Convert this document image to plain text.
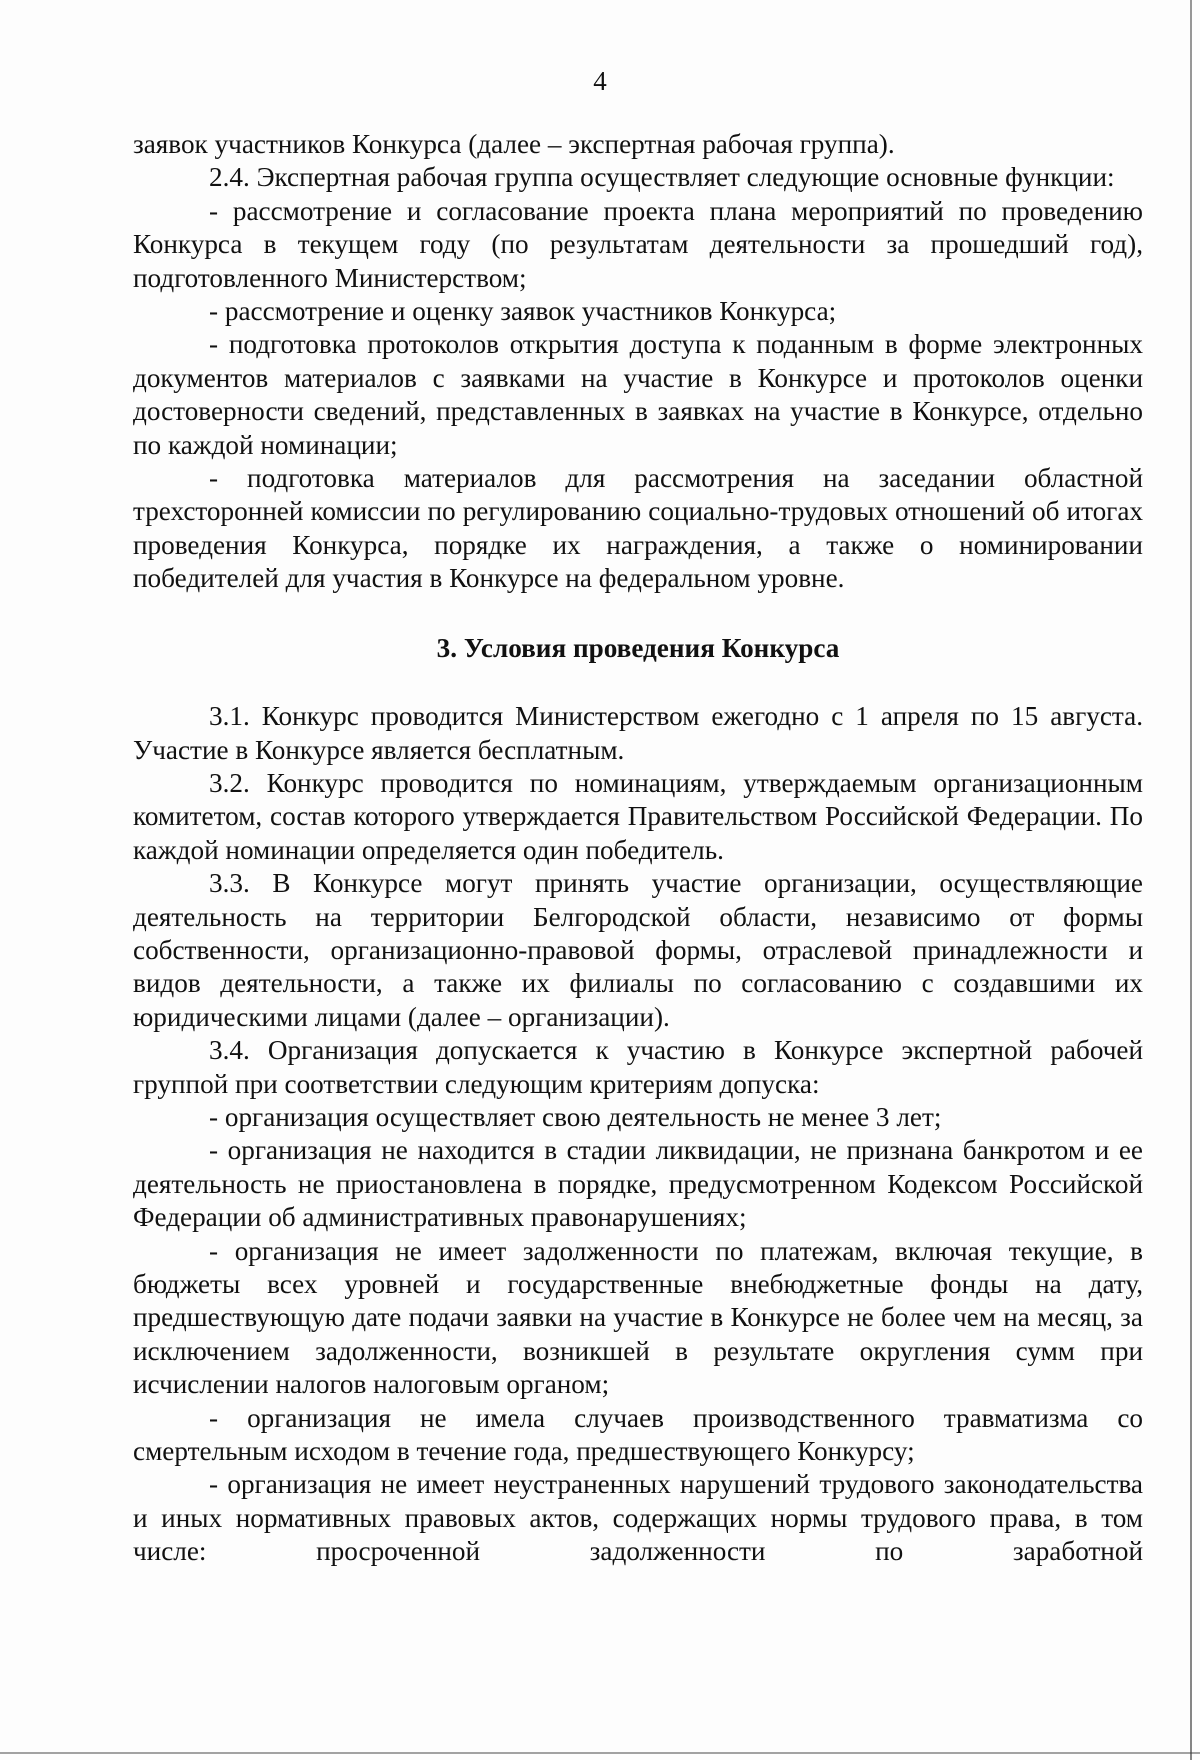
4

заявок участников Конкурса (далее – экспертная рабочая группа).

2.4. Экспертная рабочая группа осуществляет следующие основные функции:

- рассмотрение и согласование проекта плана мероприятий по проведению Конкурса в текущем году (по результатам деятельности за прошедший год), подготовленного Министерством;

- рассмотрение и оценку заявок участников Конкурса;

- подготовка протоколов открытия доступа к поданным в форме электронных документов материалов с заявками на участие в Конкурсе и протоколов оценки достоверности сведений, представленных в заявках на участие в Конкурсе, отдельно по каждой номинации;

- подготовка материалов для рассмотрения на заседании областной трехсторонней комиссии по регулированию социально-трудовых отношений об итогах проведения Конкурса, порядке их награждения, а также о номинировании победителей для участия в Конкурсе на федеральном уровне.

3. Условия проведения Конкурса

3.1. Конкурс проводится Министерством ежегодно с 1 апреля по 15 августа. Участие в Конкурсе является бесплатным.

3.2. Конкурс проводится по номинациям, утверждаемым организационным комитетом, состав которого утверждается Правительством Российской Федерации. По каждой номинации определяется один победитель.

3.3. В Конкурсе могут принять участие организации, осуществляющие деятельность на территории Белгородской области, независимо от формы собственности, организационно-правовой формы, отраслевой принадлежности и видов деятельности, а также их филиалы по согласованию с создавшими их юридическими лицами (далее – организации).

3.4. Организация допускается к участию в Конкурсе экспертной рабочей группой при соответствии следующим критериям допуска:

- организация осуществляет свою деятельность не менее 3 лет;

- организация не находится в стадии ликвидации, не признана банкротом и ее деятельность не приостановлена в порядке, предусмотренном Кодексом Российской Федерации об административных правонарушениях;

- организация не имеет задолженности по платежам, включая текущие, в бюджеты всех уровней и государственные внебюджетные фонды на дату, предшествующую дате подачи заявки на участие в Конкурсе не более чем на месяц, за исключением задолженности, возникшей в результате округления сумм при исчислении налогов налоговым органом;

- организация не имела случаев производственного травматизма со смертельным исходом в течение года, предшествующего Конкурсу;

- организация не имеет неустраненных нарушений трудового законодательства и иных нормативных правовых актов, содержащих нормы трудового права, в том числе: просроченной задолженности по заработной
